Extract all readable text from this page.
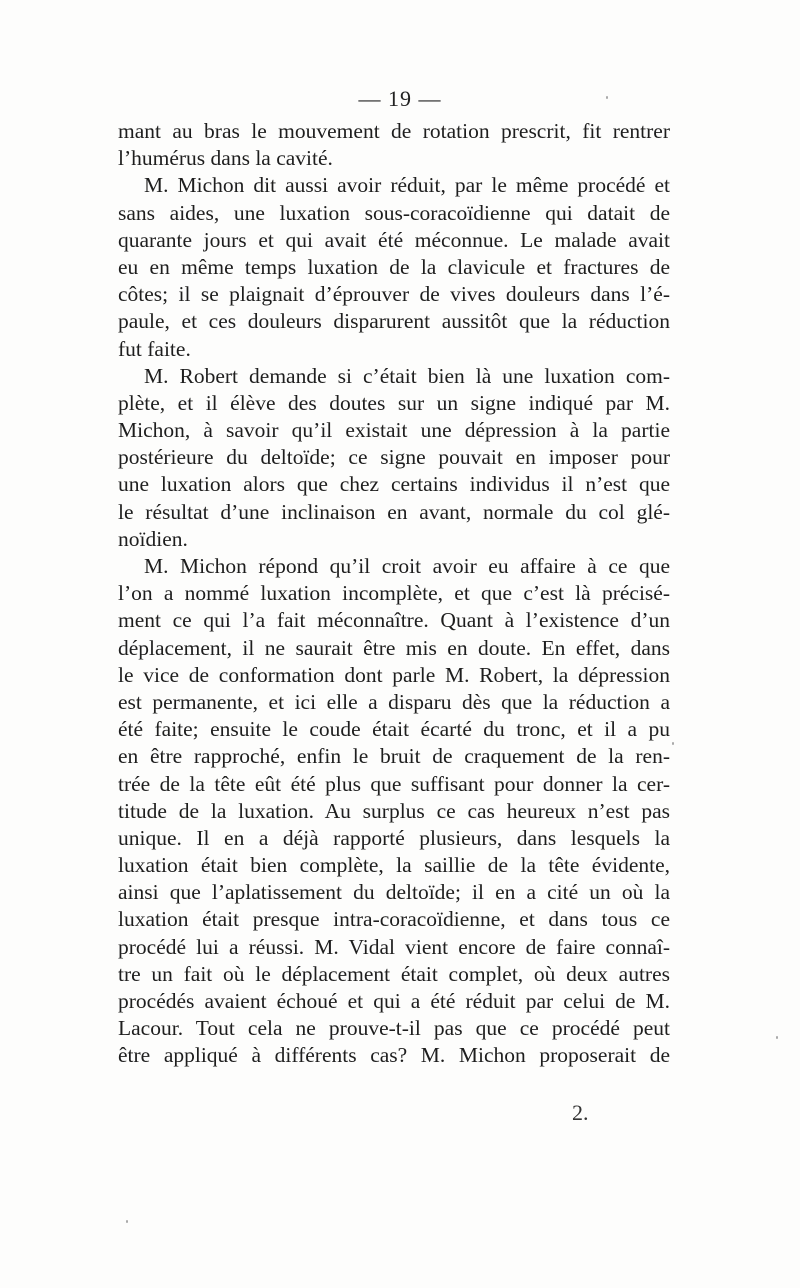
— 19 —
mant au bras le mouvement de rotation prescrit, fit rentrer
l’humérus dans la cavité.
M. Michon dit aussi avoir réduit, par le même procédé et
sans aides, une luxation sous-coracoïdienne qui datait de
quarante jours et qui avait été méconnue. Le malade avait
eu en même temps luxation de la clavicule et fractures de
côtes; il se plaignait d’éprouver de vives douleurs dans l’é-
paule, et ces douleurs disparurent aussitôt que la réduction
fut faite.
M. Robert demande si c’était bien là une luxation com-
plète, et il élève des doutes sur un signe indiqué par M.
Michon, à savoir qu’il existait une dépression à la partie
postérieure du deltoïde; ce signe pouvait en imposer pour
une luxation alors que chez certains individus il n’est que
le résultat d’une inclinaison en avant, normale du col glé-
noïdien.
M. Michon répond qu’il croit avoir eu affaire à ce que
l’on a nommé luxation incomplète, et que c’est là précisé-
ment ce qui l’a fait méconnaître. Quant à l’existence d’un
déplacement, il ne saurait être mis en doute. En effet, dans
le vice de conformation dont parle M. Robert, la dépression
est permanente, et ici elle a disparu dès que la réduction a
été faite; ensuite le coude était écarté du tronc, et il a pu
en être rapproché, enfin le bruit de craquement de la ren-
trée de la tête eût été plus que suffisant pour donner la cer-
titude de la luxation. Au surplus ce cas heureux n’est pas
unique. Il en a déjà rapporté plusieurs, dans lesquels la
luxation était bien complète, la saillie de la tête évidente,
ainsi que l’aplatissement du deltoïde; il en a cité un où la
luxation était presque intra-coracoïdienne, et dans tous ce
procédé lui a réussi. M. Vidal vient encore de faire connaî-
tre un fait où le déplacement était complet, où deux autres
procédés avaient échoué et qui a été réduit par celui de M.
Lacour. Tout cela ne prouve-t-il pas que ce procédé peut
être appliqué à différents cas? M. Michon proposerait de
2.
